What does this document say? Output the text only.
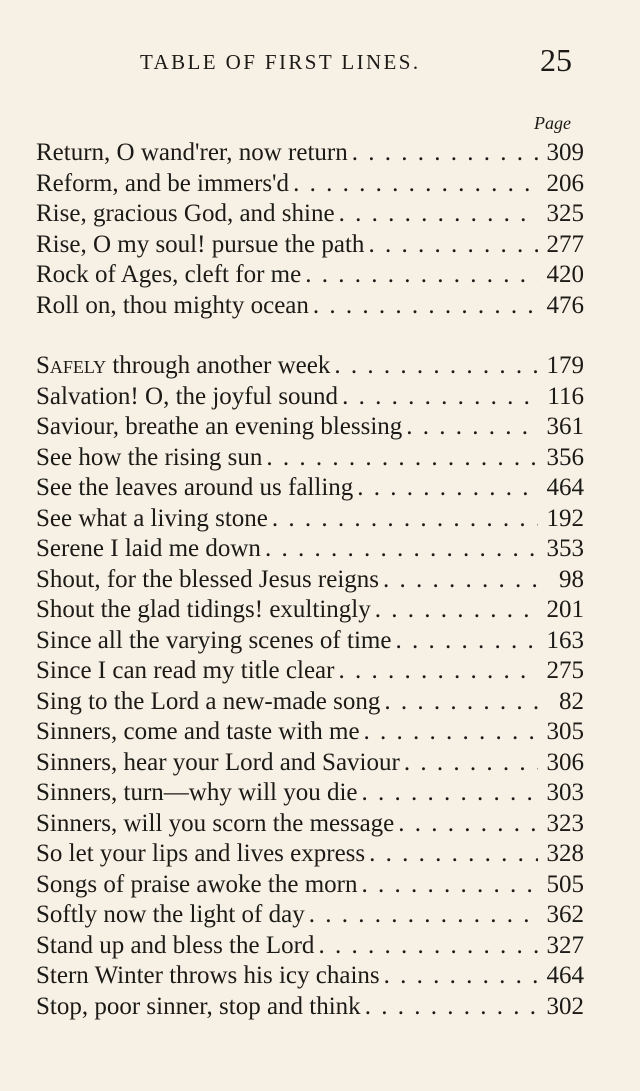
TABLE OF FIRST LINES.	25
Page
Return, O wand'rer, now return . . .	309
Reform, and be immers'd . . .	206
Rise, gracious God, and shine . . .	325
Rise, O my soul! pursue the path . . .	277
Rock of Ages, cleft for me . . .	420
Roll on, thou mighty ocean . . .	476
Safely through another week . . .	179
Salvation! O, the joyful sound . . .	116
Saviour, breathe an evening blessing . . .	361
See how the rising sun . . .	356
See the leaves around us falling . . .	464
See what a living stone . . .	192
Serene I laid me down . . .	353
Shout, for the blessed Jesus reigns . . .	98
Shout the glad tidings! exultingly . . .	201
Since all the varying scenes of time . . .	163
Since I can read my title clear . . .	275
Sing to the Lord a new-made song . . .	82
Sinners, come and taste with me . . .	305
Sinners, hear your Lord and Saviour . . .	306
Sinners, turn—why will you die . . .	303
Sinners, will you scorn the message . . .	323
So let your lips and lives express . . .	328
Songs of praise awoke the morn . . .	505
Softly now the light of day . . .	362
Stand up and bless the Lord . . .	327
Stern Winter throws his icy chains . . .	464
Stop, poor sinner, stop and think . . .	302
